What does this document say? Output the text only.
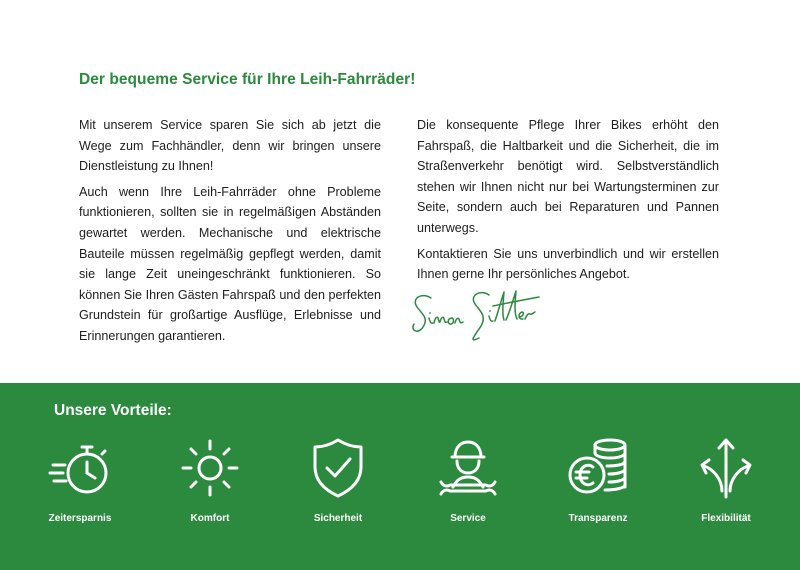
Der bequeme Service für Ihre Leih-Fahrräder!

Mit unserem Service sparen Sie sich ab jetzt die Wege zum Fachhändler, denn wir bringen unsere Dienstleistung zu Ihnen!

Auch wenn Ihre Leih-Fahrräder ohne Probleme funktionieren, sollten sie in regelmäßigen Abständen gewartet werden. Mechanische und elektrische Bauteile müssen regelmäßig gepflegt werden, damit sie lange Zeit uneingeschränkt funktionieren. So können Sie Ihren Gästen Fahrspaß und den perfekten Grundstein für großartige Ausflüge, Erlebnisse und Erinnerungen garantieren.

Die konsequente Pflege Ihrer Bikes erhöht den Fahrspaß, die Haltbarkeit und die Sicherheit, die im Straßenverkehr benötigt wird. Selbstverständlich stehen wir Ihnen nicht nur bei Wartungsterminen zur Seite, sondern auch bei Reparaturen und Pannen unterwegs.

Kontaktieren Sie uns unverbindlich und wir erstellen Ihnen gerne Ihr persönliches Angebot.

Unsere Vorteile:
Zeitersparnis	Komfort	Sicherheit	Service	Transparenz	Flexibilität
